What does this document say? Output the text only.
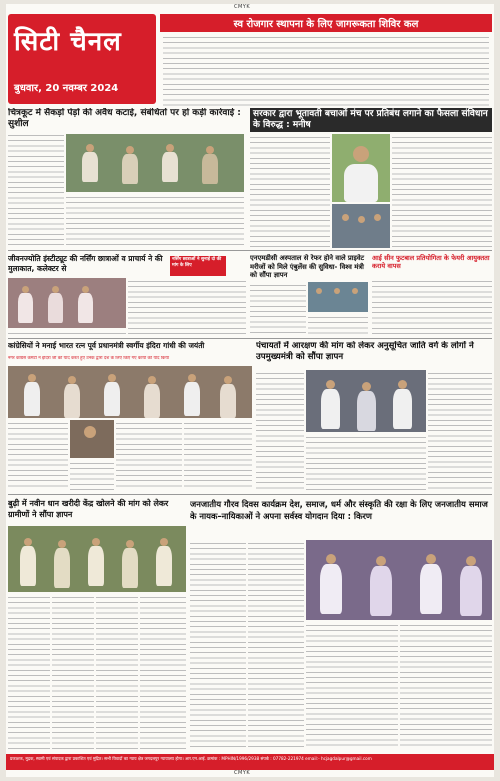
CMYK
सिटी चैनल
बुधवार, 20 नवम्बर 2024
स्व रोजगार स्थापना के लिए जागरूकता शिविर कल
चित्रकूट में सैकड़ों पेड़ों की अवैध कटाई, संबंधितों पर हो कड़ी कार्रवाई : सुशील
सरकार द्वारा भूतावती बचाओं मंच पर प्रतिबंध लगाने का फैसला संविधान के विरुद्ध : मनीष
जीवनज्योति इंस्टीट्यूट की नर्सिंग छात्राओं व प्राचार्य ने की मुलाकात, कलेक्टर से
नर्सिंग छात्राओं ने सुनाई दो की मांग के लिए
एनएमडीसी अस्पताल से रेफर होने वाले प्राइवेट मरीजों को मिले एंबुलेंस की सुविधा- विश्व मंत्री को सौंपा ज्ञापन
आई सीन फुटबाल प्रतियोगिता के फेयरी आयुक्तता कराये वापस
कांग्रेसियों ने मनाई भारत रत्न पूर्व प्रधानमंत्री स्वर्गीय इंदिरा गांधी की जयंती
नगर कांग्रेस कमेटी ने इंदिरा जी को याद करते हुए उनके द्वारा देश के लिए किए गए कार्यों को याद किया
पंचायतों में आरक्षण की मांग को लेकर अनुसूचित जाति वर्ग के लोगों ने उपमुख्यमंत्री को सौंपा ज्ञापन
बुढ़ी में नवीन धान खरीदी केंद्र खोलने की मांग को लेकर ग्रामीणों ने सौंपा ज्ञापन
जनजातीय गौरव दिवस कार्यक्रम देश, समाज, धर्म और संस्कृति की रक्षा के लिए जनजातीय समाज के नायक–नायिकाओं ने अपना सर्वस्व योगदान दिया : किरण
प्रकाशक, मुद्रक, स्वामी एवं संपादक द्वारा प्रकाशित एवं मुद्रित। सभी विवादों का न्याय क्षेत्र जगदलपुर न्यायालय होगा। आर.एन.आई. क्रमांक : MPHIN/1996/2938 संपर्क : 07782-221974 email:- hcjagdalpur@gmail.com
CMYK
